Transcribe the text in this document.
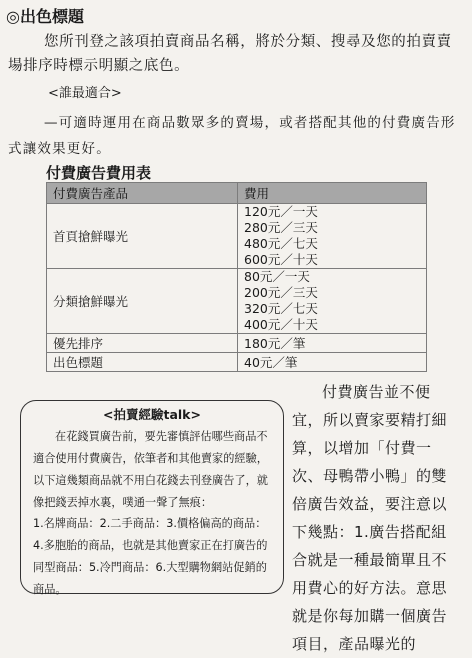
◎出色標題
您所刊登之該項拍賣商品名稱，將於分類、搜尋及您的拍賣賣場排序時標示明顯之底色。
<誰最適合>
—可適時運用在商品數眾多的賣場，或者搭配其他的付費廣告形式讓效果更好。
付費廣告費用表
付費廣告產品	費用
首頁搶鮮曝光	120元／一天
280元／三天
480元／七天
600元／十天

分類搶鮮曝光	80元／一天
200元／三天
320元／七天
400元／十天

優先排序	180元／筆
出色標題	40元／筆
<拍賣經驗talk>
在花錢買廣告前，要先審慎評估哪些商品不適合使用付費廣告，依筆者和其他賣家的經驗，以下這幾類商品就不用白花錢去刊登廣告了，就像把錢丟掉水裏，噗通一聲了無痕：
1.名牌商品：2.二手商品：3.價格偏高的商品：4.多胞胎的商品，也就是其他賣家正在打廣告的同型商品：5.冷門商品：6.大型購物網站促銷的商品。
付費廣告並不便宜，所以賣家要精打細算，以增加「付費一次、母鴨帶小鴨」的雙倍廣告效益，要注意以下幾點：1.廣告搭配組合就是一種最簡單且不用費心的好方法。意思就是你每加購一個廣告項目，產品曝光的
